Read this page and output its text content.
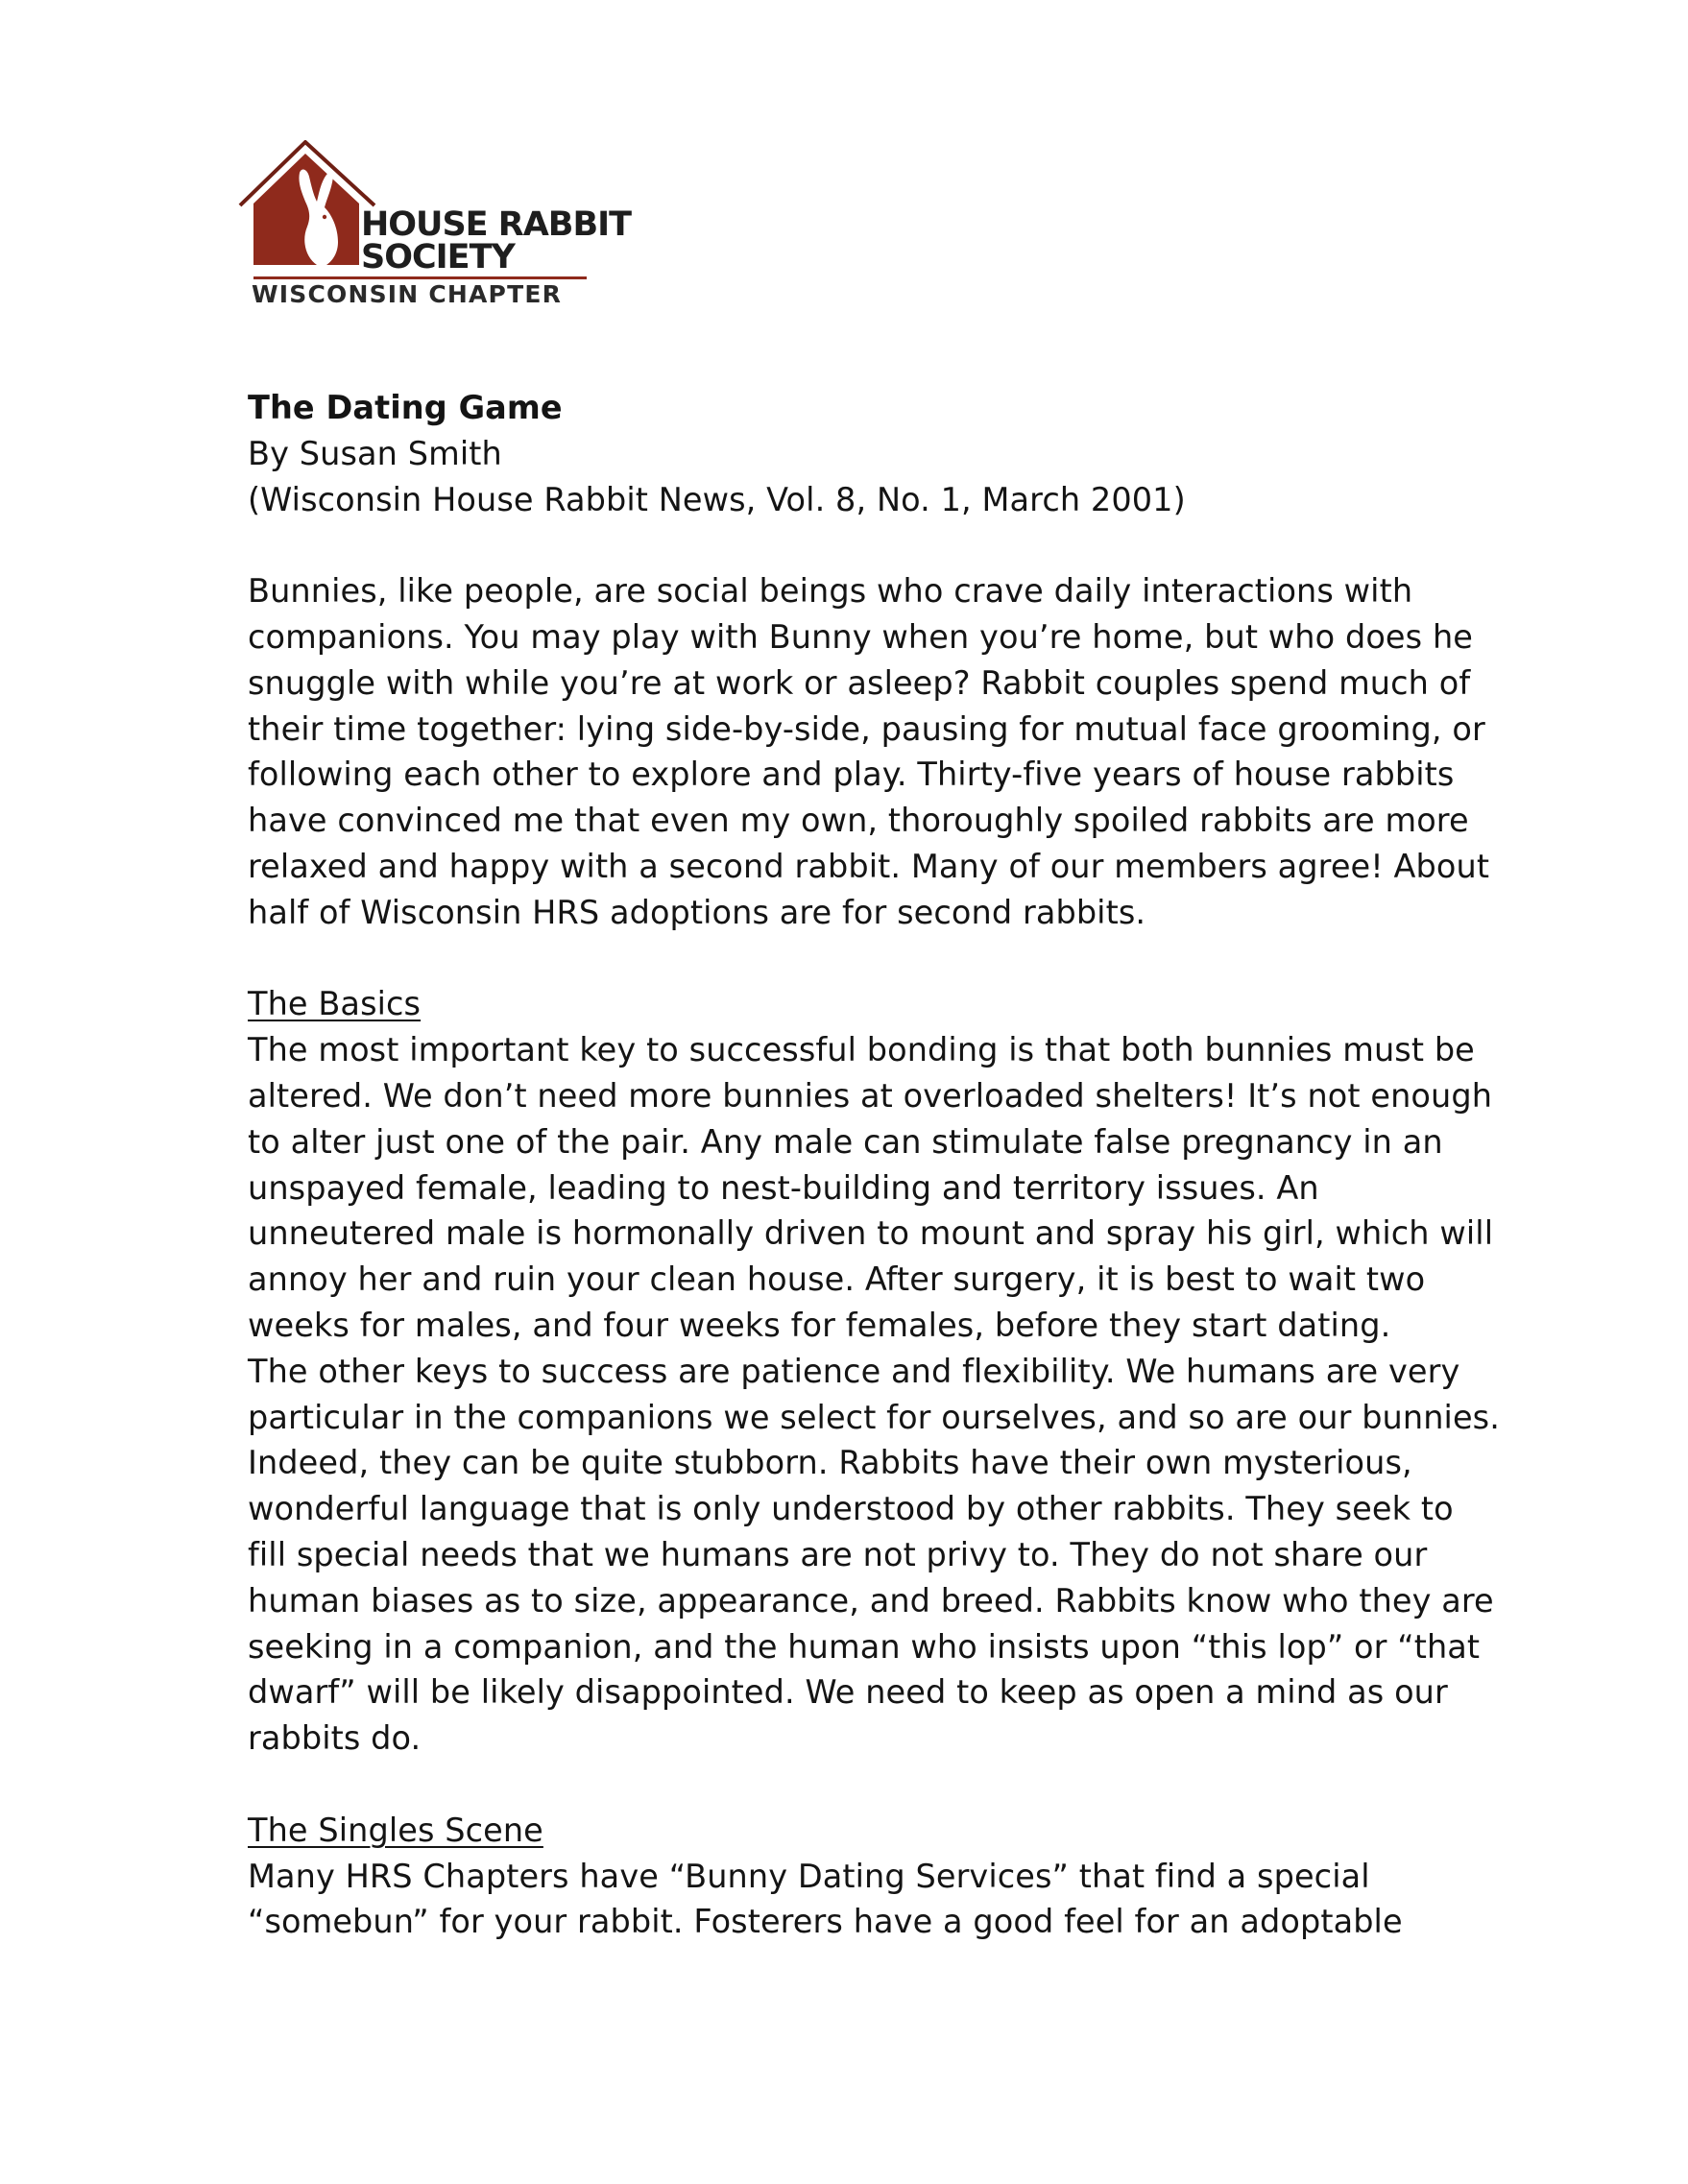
HOUSE RABBIT
SOCIETY
WISCONSIN CHAPTER
The Dating Game
By Susan Smith
(Wisconsin House Rabbit News, Vol. 8, No. 1, March 2001)
Bunnies, like people, are social beings who crave daily interactions with
companions. You may play with Bunny when you’re home, but who does he
snuggle with while you’re at work or asleep? Rabbit couples spend much of
their time together: lying side-by-side, pausing for mutual face grooming, or
following each other to explore and play. Thirty-five years of house rabbits
have convinced me that even my own, thoroughly spoiled rabbits are more
relaxed and happy with a second rabbit. Many of our members agree! About
half of Wisconsin HRS adoptions are for second rabbits.
The Basics
The most important key to successful bonding is that both bunnies must be
altered. We don’t need more bunnies at overloaded shelters! It’s not enough
to alter just one of the pair. Any male can stimulate false pregnancy in an
unspayed female, leading to nest-building and territory issues. An
unneutered male is hormonally driven to mount and spray his girl, which will
annoy her and ruin your clean house. After surgery, it is best to wait two
weeks for males, and four weeks for females, before they start dating.
The other keys to success are patience and flexibility. We humans are very
particular in the companions we select for ourselves, and so are our bunnies.
Indeed, they can be quite stubborn. Rabbits have their own mysterious,
wonderful language that is only understood by other rabbits. They seek to
fill special needs that we humans are not privy to. They do not share our
human biases as to size, appearance, and breed. Rabbits know who they are
seeking in a companion, and the human who insists upon “this lop” or “that
dwarf” will be likely disappointed. We need to keep as open a mind as our
rabbits do.
The Singles Scene
Many HRS Chapters have “Bunny Dating Services” that find a special
“somebun” for your rabbit. Fosterers have a good feel for an adoptable
